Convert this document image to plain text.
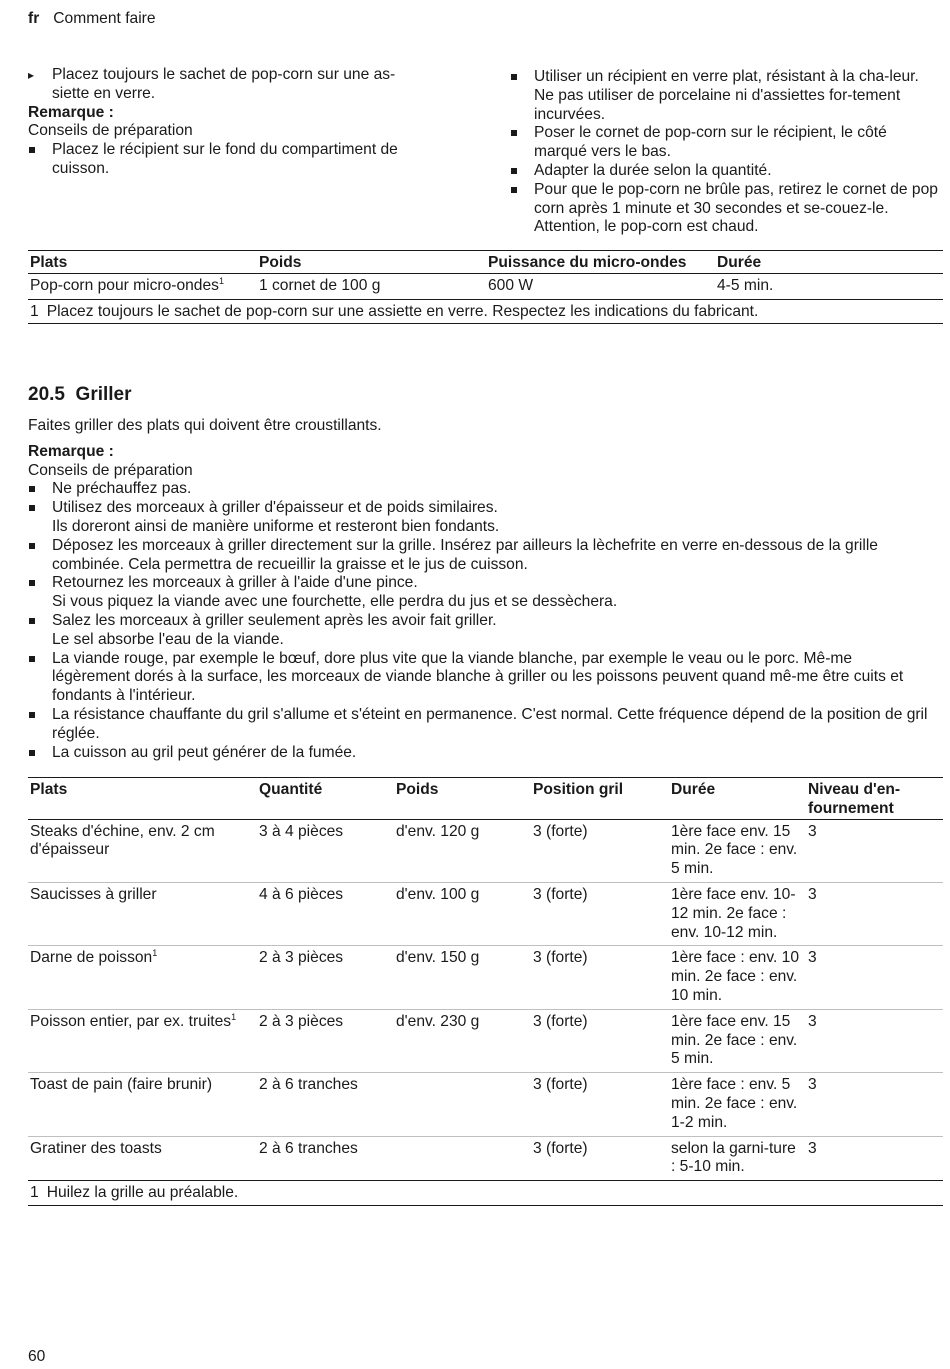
fr Comment faire
▸ Placez toujours le sachet de pop-corn sur une as-
siette en verre.
Remarque :
Conseils de préparation
Placez le récipient sur le fond du compartiment de cuisson.
Utiliser un récipient en verre plat, résistant à la cha-leur. Ne pas utiliser de porcelaine ni d'assiettes for-tement incurvées.
Poser le cornet de pop-corn sur le récipient, le côté marqué vers le bas.
Adapter la durée selon la quantité.
Pour que le pop-corn ne brûle pas, retirez le cornet de pop corn après 1 minute et 30 secondes et se-couez-le. Attention, le pop-corn est chaud.
Plats	Poids	Puissance du micro-ondes	Durée
Pop-corn pour micro-ondes$^1$	1 cornet de 100 g	600 W	4-5 min.
1 Placez toujours le sachet de pop-corn sur une assiette en verre. Respectez les indications du fabricant.			
20.5  Griller
Faites griller des plats qui doivent être croustillants.
Remarque :
Conseils de préparation
Ne préchauffez pas.
Utilisez des morceaux à griller d'épaisseur et de poids similaires.
Ils doreront ainsi de manière uniforme et resteront bien fondants.
Déposez les morceaux à griller directement sur la grille. Insérez par ailleurs la lèchefrite en verre en-dessous de la grille combinée. Cela permettra de recueillir la graisse et le jus de cuisson.
Retournez les morceaux à griller à l'aide d'une pince.
Si vous piquez la viande avec une fourchette, elle perdra du jus et se dessèchera.
Salez les morceaux à griller seulement après les avoir fait griller.
Le sel absorbe l'eau de la viande.
La viande rouge, par exemple le bœuf, dore plus vite que la viande blanche, par exemple le veau ou le porc. Mê-me légèrement dorés à la surface, les morceaux de viande blanche à griller ou les poissons peuvent quand mê-me être cuits et fondants à l'intérieur.
La résistance chauffante du gril s'allume et s'éteint en permanence. C'est normal. Cette fréquence dépend de la position de gril réglée.
La cuisson au gril peut générer de la fumée.
Plats	Quantité	Poids	Position gril	Durée	Niveau d'en-fournement
Steaks d'échine, env. 2 cm d'épaisseur	3 à 4 pièces	d'env. 120 g	3 (forte)	1ère face env. 15 min. 2e face : env. 5 min.	3
Saucisses à griller	4 à 6 pièces	d'env. 100 g	3 (forte)	1ère face env. 10-12 min. 2e face : env. 10-12 min.	3
Darne de poisson$^1$	2 à 3 pièces	d'env. 150 g	3 (forte)	1ère face : env. 10 min. 2e face : env. 10 min.	3
Poisson entier, par ex. truites$^1$	2 à 3 pièces	d'env. 230 g	3 (forte)	1ère face env. 15 min. 2e face : env. 5 min.	3
Toast de pain (faire brunir)	2 à 6 tranches		3 (forte)	1ère face : env. 5 min. 2e face : env. 1-2 min.	3
Gratiner des toasts	2 à 6 tranches		3 (forte)	selon la garni-ture : 5-10 min.	3
1 Huilez la grille au préalable.					
60
